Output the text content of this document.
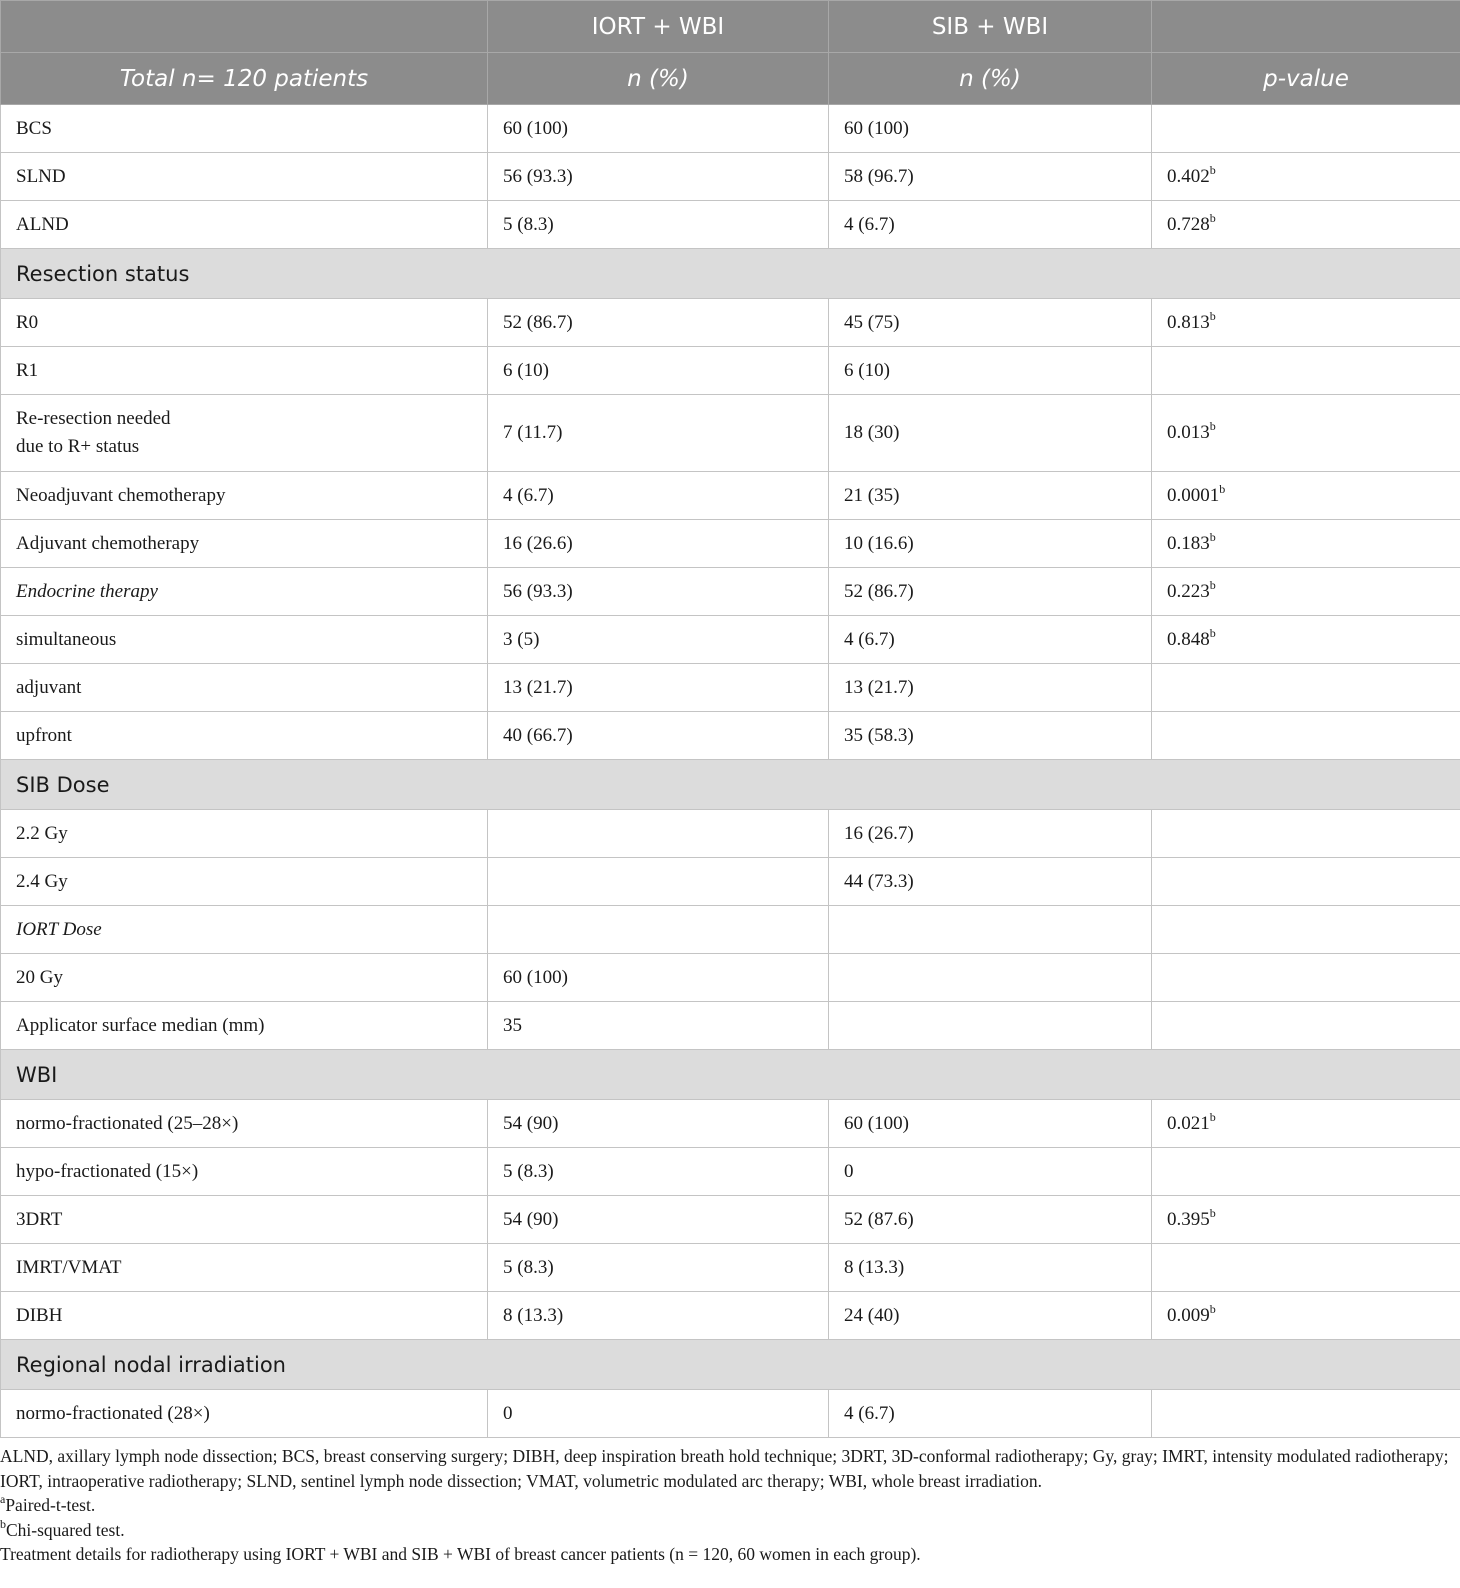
	IORT + WBI	SIB + WBI	
Total n= 120 patients	n (%)	n (%)	p-value
BCS	60 (100)	60 (100)	
SLND	56 (93.3)	58 (96.7)	0.402$^b$
ALND	5 (8.3)	4 (6.7)	0.728$^b$
Resection status			
R0	52 (86.7)	45 (75)	0.813$^b$
R1	6 (10)	6 (10)	
Re-resection needed
due to R+ status	7 (11.7)	18 (30)	0.013$^b$
Neoadjuvant chemotherapy	4 (6.7)	21 (35)	0.0001$^b$
Adjuvant chemotherapy	16 (26.6)	10 (16.6)	0.183$^b$
Endocrine therapy	56 (93.3)	52 (86.7)	0.223$^b$
simultaneous	3 (5)	4 (6.7)	0.848$^b$
adjuvant	13 (21.7)	13 (21.7)	
upfront	40 (66.7)	35 (58.3)	
SIB Dose			
2.2 Gy		16 (26.7)	
2.4 Gy		44 (73.3)	
IORT Dose			
20 Gy	60 (100)		
Applicator surface median (mm)	35		
WBI			
normo-fractionated (25–28×)	54 (90)	60 (100)	0.021$^b$
hypo-fractionated (15×)	5 (8.3)	0	
3DRT	54 (90)	52 (87.6)	0.395$^b$
IMRT/VMAT	5 (8.3)	8 (13.3)	
DIBH	8 (13.3)	24 (40)	0.009$^b$
Regional nodal irradiation			
normo-fractionated (28×)	0	4 (6.7)	

ALND, axillary lymph node dissection; BCS, breast conserving surgery; DIBH, deep inspiration breath hold technique; 3DRT, 3D-conformal radiotherapy; Gy, gray; IMRT, intensity modulated radiotherapy; IORT, intraoperative radiotherapy; SLND, sentinel lymph node dissection; VMAT, volumetric modulated arc therapy; WBI, whole breast irradiation.

$^a$Paired-t-test.

$^b$Chi-squared test.

Treatment details for radiotherapy using IORT + WBI and SIB + WBI of breast cancer patients (n = 120, 60 women in each group).
